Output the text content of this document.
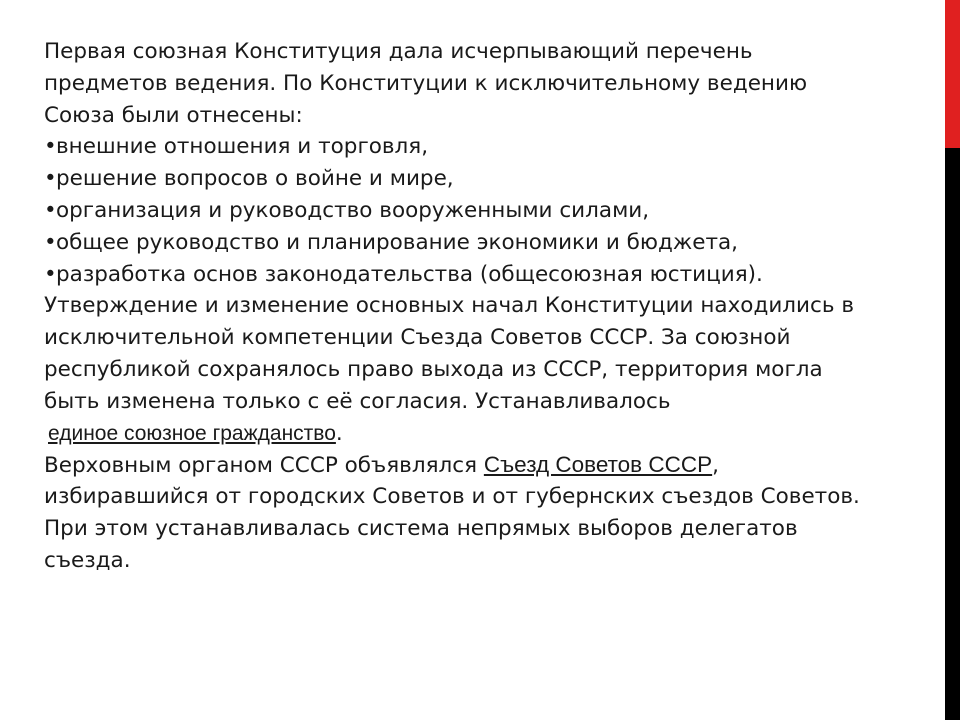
Первая союзная Конституция дала исчерпывающий перечень
предметов ведения. По Конституции к исключительному ведению
Союза были отнесены:
•внешние отношения и торговля,
•решение вопросов о войне и мире,
•организация и руководство вооруженными силами,
•общее руководство и планирование экономики и бюджета,
•разработка основ законодательства (общесоюзная юстиция).
Утверждение и изменение основных начал Конституции находились в
исключительной компетенции Съезда Советов СССР. За союзной
республикой сохранялось право выхода из СССР, территория могла
быть изменена только с её согласия. Устанавливалось
единое союзное гражданство.
Верховным органом СССР объявлялся Съезд Советов СССР,
избиравшийся от городских Советов и от губернских съездов Советов.
При этом устанавливалась система непрямых выборов делегатов
съезда.
